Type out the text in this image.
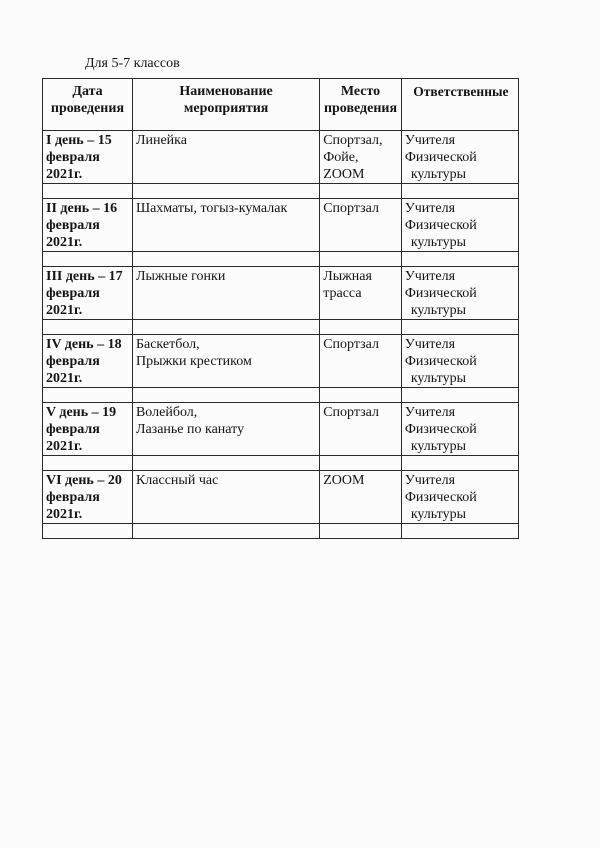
Для 5-7 классов
Дата
проведения	Наименование
мероприятия	Место
проведения	Ответственные

I день – 15
февраля
2021г.	Линейка	Спортзал,
Фойе,
ZOOM	Учителя
Физической
культуры

II день – 16
февраля
2021г.	Шахматы, тогыз-кумалак	Спортзал	Учителя
Физической
культуры

III день – 17
февраля
2021г.	Лыжные гонки	Лыжная
трасса	Учителя
Физической
культуры

IV день – 18
февраля
2021г.	Баскетбол,
Прыжки крестиком	Спортзал	Учителя
Физической
культуры

V день – 19
февраля
2021г.	Волейбол,
Лазанье по канату	Спортзал	Учителя
Физической
культуры

VI день – 20
февраля
2021г.	Классный час	ZOOM	Учителя
Физической
культуры
